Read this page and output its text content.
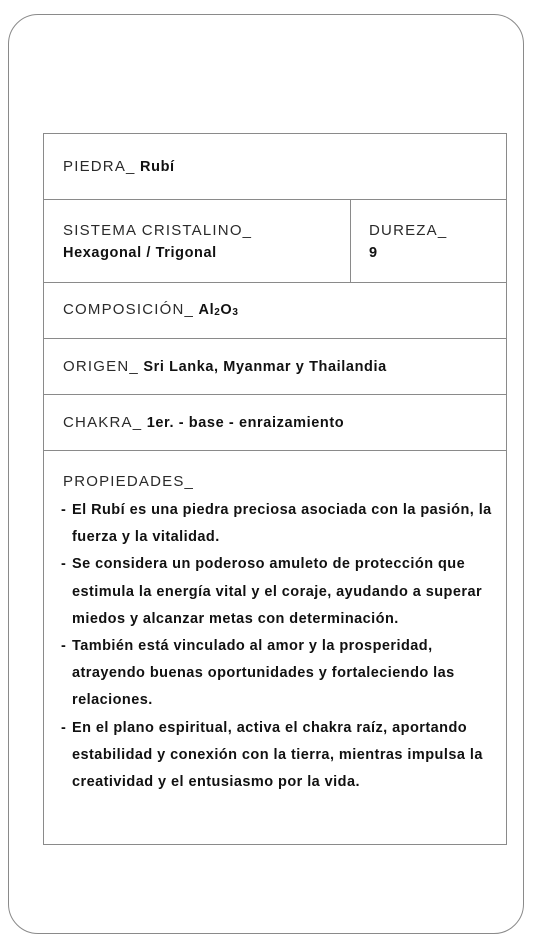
PIEDRA_ Rubí
SISTEMA CRISTALINO_
Hexagonal / Trigonal
DUREZA_
9
COMPOSICIÓN_ Al2O3
ORIGEN_ Sri Lanka, Myanmar y Thailandia
CHAKRA_ 1er. - base - enraizamiento
PROPIEDADES_
- El Rubí es una piedra preciosa asociada con la pasión, la fuerza y la vitalidad.
- Se considera un poderoso amuleto de protección que estimula la energía vital y el coraje, ayudando a superar miedos y alcanzar metas con determinación.
- También está vinculado al amor y la prosperidad, atrayendo buenas oportunidades y fortaleciendo las relaciones.
- En el plano espiritual, activa el chakra raíz, aportando estabilidad y conexión con la tierra, mientras impulsa la creatividad y el entusiasmo por la vida.
